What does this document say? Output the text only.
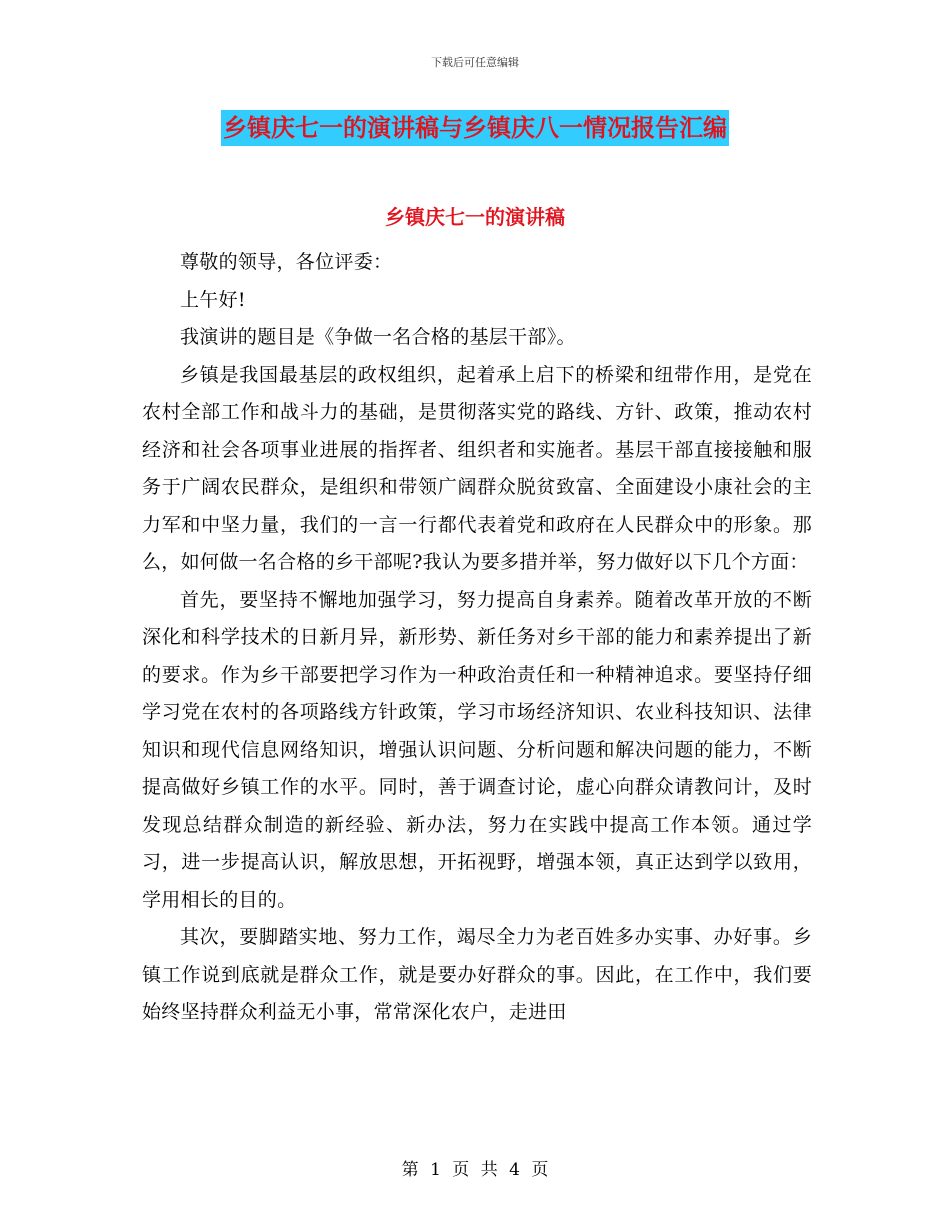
下载后可任意编辑
乡镇庆七一的演讲稿与乡镇庆八一情况报告汇编
乡镇庆七一的演讲稿

尊敬的领导，各位评委：

上午好!

我演讲的题目是《争做一名合格的基层干部》。

乡镇是我国最基层的政权组织，起着承上启下的桥梁和纽带作用，是党在农村全部工作和战斗力的基础，是贯彻落实党的路线、方针、政策，推动农村经济和社会各项事业进展的指挥者、组织者和实施者。基层干部直接接触和服务于广阔农民群众，是组织和带领广阔群众脱贫致富、全面建设小康社会的主力军和中坚力量，我们的一言一行都代表着党和政府在人民群众中的形象。那么，如何做一名合格的乡干部呢?我认为要多措并举，努力做好以下几个方面：

首先，要坚持不懈地加强学习，努力提高自身素养。随着改革开放的不断深化和科学技术的日新月异，新形势、新任务对乡干部的能力和素养提出了新的要求。作为乡干部要把学习作为一种政治责任和一种精神追求。要坚持仔细学习党在农村的各项路线方针政策，学习市场经济知识、农业科技知识、法律知识和现代信息网络知识，增强认识问题、分析问题和解决问题的能力，不断提高做好乡镇工作的水平。同时，善于调查讨论，虚心向群众请教问计，及时发现总结群众制造的新经验、新办法，努力在实践中提高工作本领。通过学习，进一步提高认识，解放思想，开拓视野，增强本领，真正达到学以致用，学用相长的目的。

其次，要脚踏实地、努力工作，竭尽全力为老百姓多办实事、办好事。乡镇工作说到底就是群众工作，就是要办好群众的事。因此，在工作中，我们要始终坚持群众利益无小事，常常深化农户，走进田

第 1 页 共 4 页
